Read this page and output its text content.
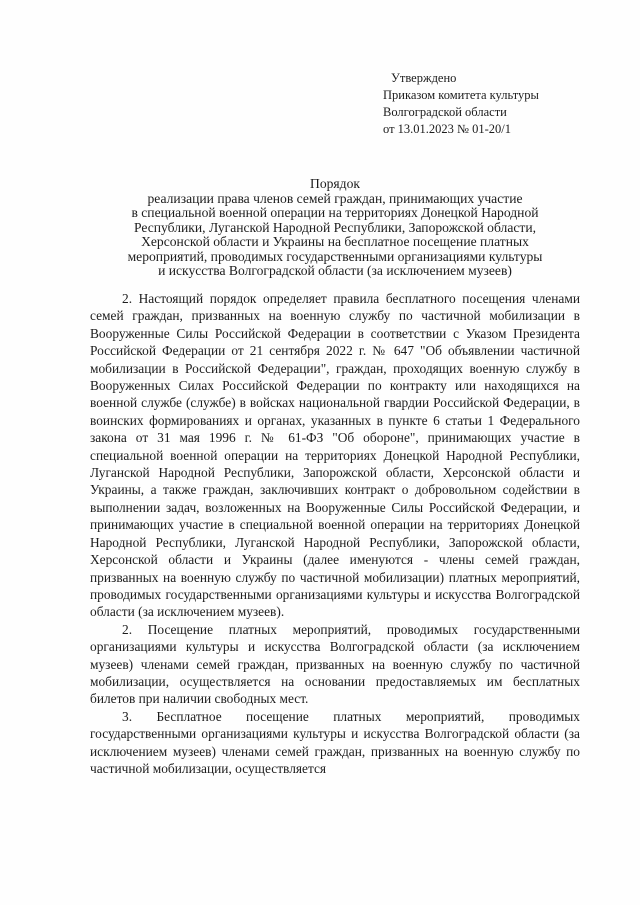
Утверждено
Приказом комитета культуры
Волгоградской области
от 13.01.2023 № 01-20/1
Порядок
реализации права членов семей граждан, принимающих участие
в специальной военной операции на территориях Донецкой Народной
Республики, Луганской Народной Республики, Запорожской области,
Херсонской области и Украины на бесплатное посещение платных
мероприятий, проводимых государственными организациями культуры
и искусства Волгоградской области (за исключением музеев)

2. Настоящий порядок определяет правила бесплатного посещения членами семей граждан, призванных на военную службу по частичной мобилизации в Вооруженные Силы Российской Федерации в соответствии с Указом Президента Российской Федерации от 21 сентября 2022 г. № 647 "Об объявлении частичной мобилизации в Российской Федерации", граждан, проходящих военную службу в Вооруженных Силах Российской Федерации по контракту или находящихся на военной службе (службе) в войсках национальной гвардии Российской Федерации, в воинских формированиях и органах, указанных в пункте 6 статьи 1 Федерального закона от 31 мая 1996 г. № 61-ФЗ "Об обороне", принимающих участие в специальной военной операции на территориях Донецкой Народной Республики, Луганской Народной Республики, Запорожской области, Херсонской области и Украины, а также граждан, заключивших контракт о добровольном содействии в выполнении задач, возложенных на Вооруженные Силы Российской Федерации, и принимающих участие в специальной военной операции на территориях Донецкой Народной Республики, Луганской Народной Республики, Запорожской области, Херсонской области и Украины (далее именуются - члены семей граждан, призванных на военную службу по частичной мобилизации) платных мероприятий, проводимых государственными организациями культуры и искусства Волгоградской области (за исключением музеев).

2. Посещение платных мероприятий, проводимых государственными организациями культуры и искусства Волгоградской области (за исключением музеев) членами семей граждан, призванных на военную службу по частичной мобилизации, осуществляется на основании предоставляемых им бесплатных билетов при наличии свободных мест.

3. Бесплатное посещение платных мероприятий, проводимых государственными организациями культуры и искусства Волгоградской области (за исключением музеев) членами семей граждан, призванных на военную службу по частичной мобилизации, осуществляется
